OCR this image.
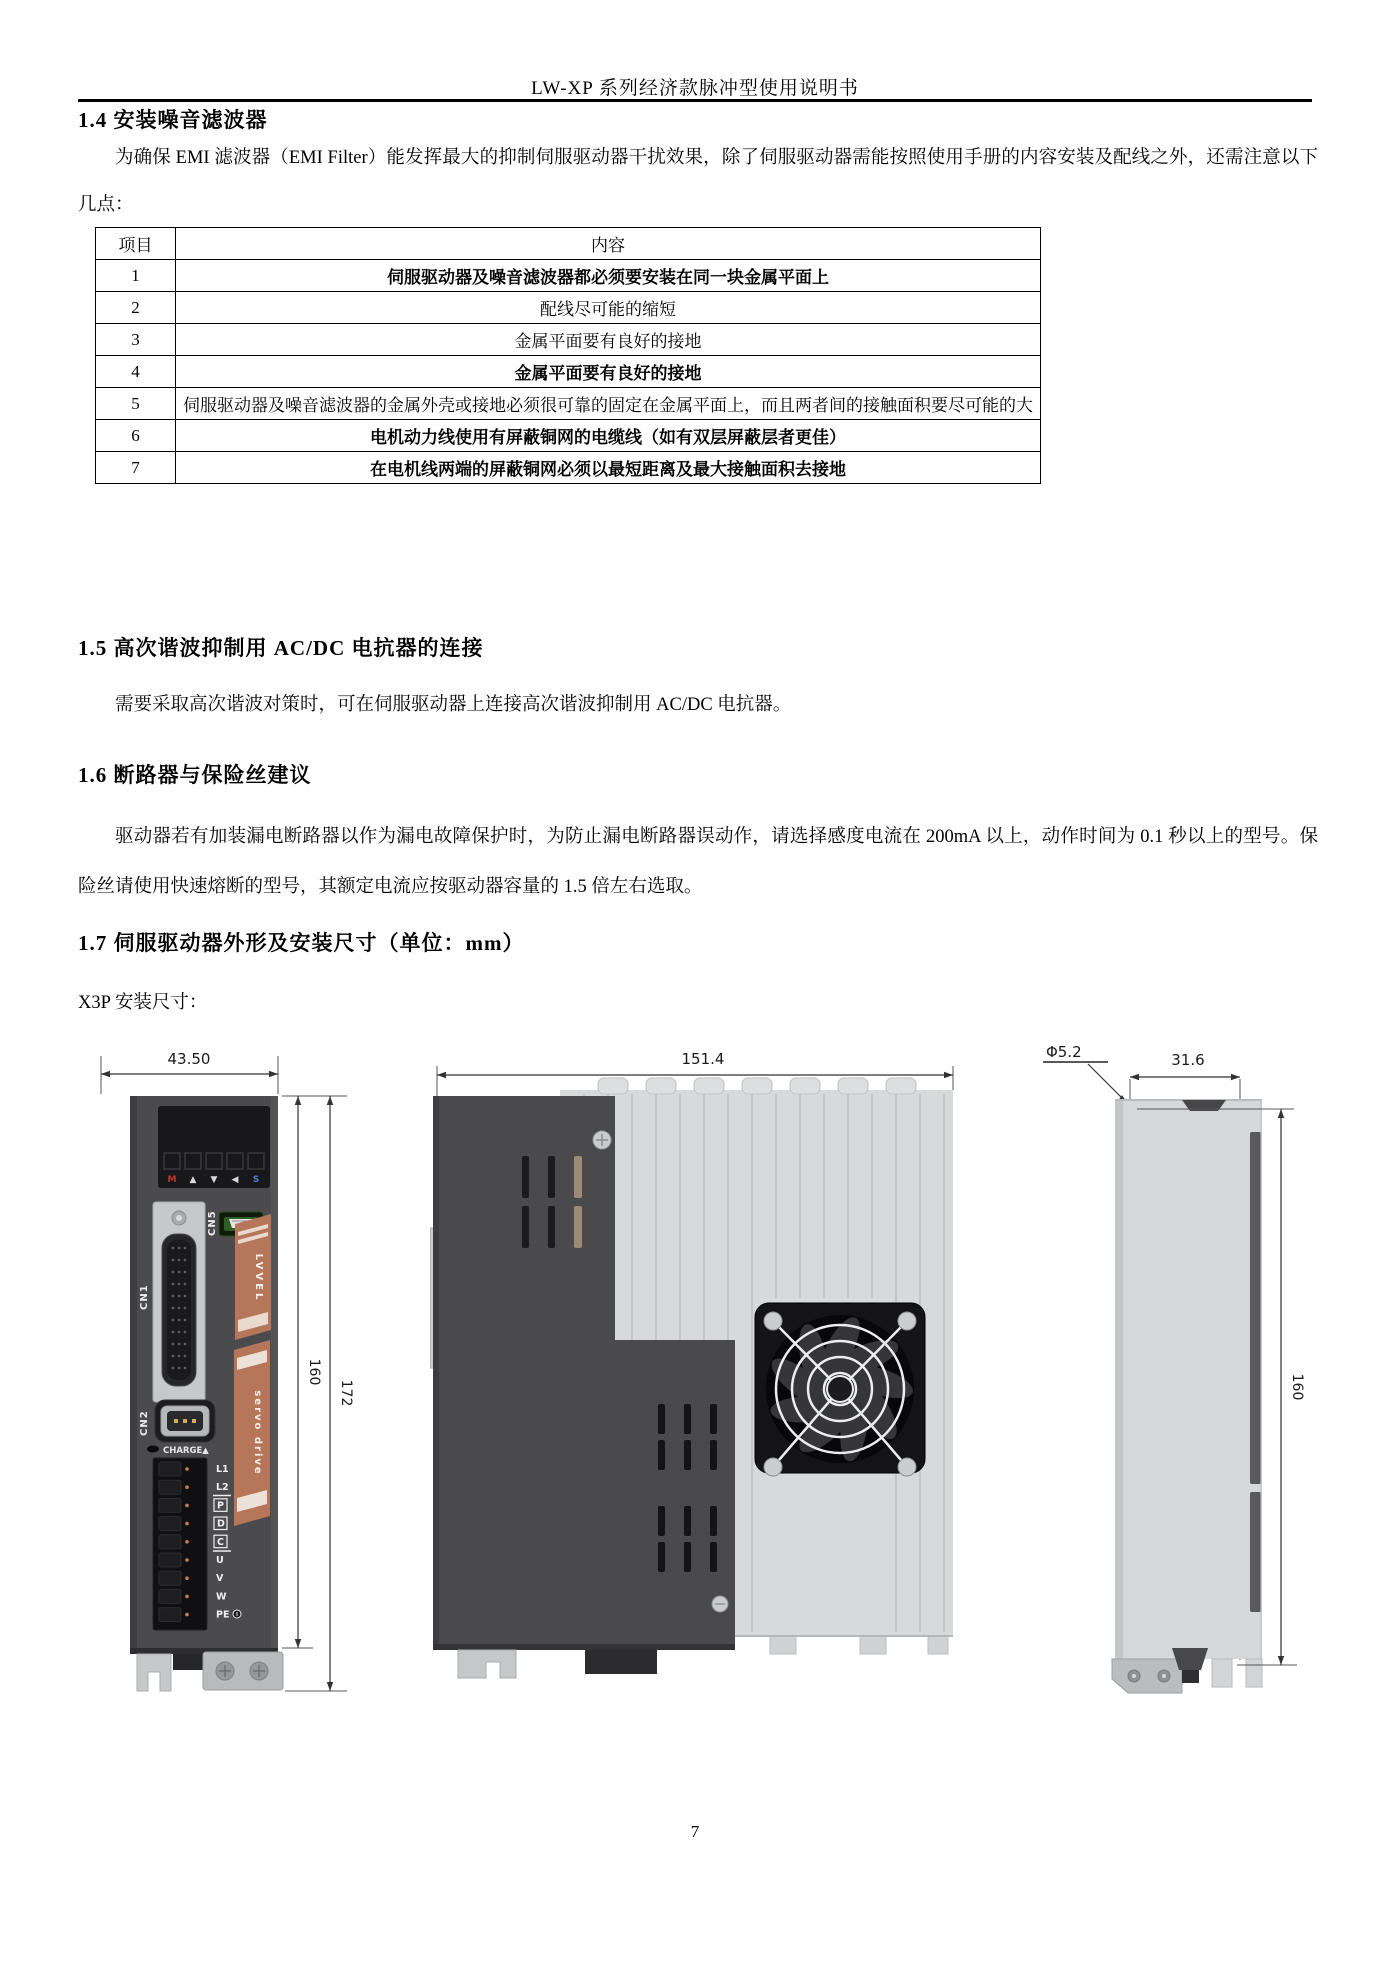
LW-XP 系列经济款脉冲型使用说明书
1.4 安装噪音滤波器

为确保 EMI 滤波器（EMI Filter）能发挥最大的抑制伺服驱动器干扰效果，除了伺服驱动器需能按照使用手册的内容安装及配线之外，还需注意以下几点：

项目	内容
1	伺服驱动器及噪音滤波器都必须要安装在同一块金属平面上
2	配线尽可能的缩短
3	金属平面要有良好的接地
4	金属平面要有良好的接地
5	伺服驱动器及噪音滤波器的金属外壳或接地必须很可靠的固定在金属平面上，而且两者间的接触面积要尽可能的大
6	电机动力线使用有屏蔽铜网的电缆线（如有双层屏蔽层者更佳）
7	在电机线两端的屏蔽铜网必须以最短距离及最大接触面积去接地
1.5 高次谐波抑制用 AC/DC 电抗器的连接

需要采取高次谐波对策时，可在伺服驱动器上连接高次谐波抑制用 AC/DC 电抗器。

1.6 断路器与保险丝建议

驱动器若有加装漏电断路器以作为漏电故障保护时，为防止漏电断路器误动作，请选择感度电流在 200mA 以上，动作时间为 0.1 秒以上的型号。保险丝请使用快速熔断的型号，其额定电流应按驱动器容量的 1.5 倍左右选取。

1.7 伺服驱动器外形及安装尺寸（单位：mm）
X3P 安装尺寸：
43.50
M ▲ ▼ ◀ S
CN1
CN5
LVVEL
CN2
CHARGE▲
L1
L2
P
D
C
U
V
W
PE
servo drive
160
172
151.4	Φ5.2	31.6
160
7
